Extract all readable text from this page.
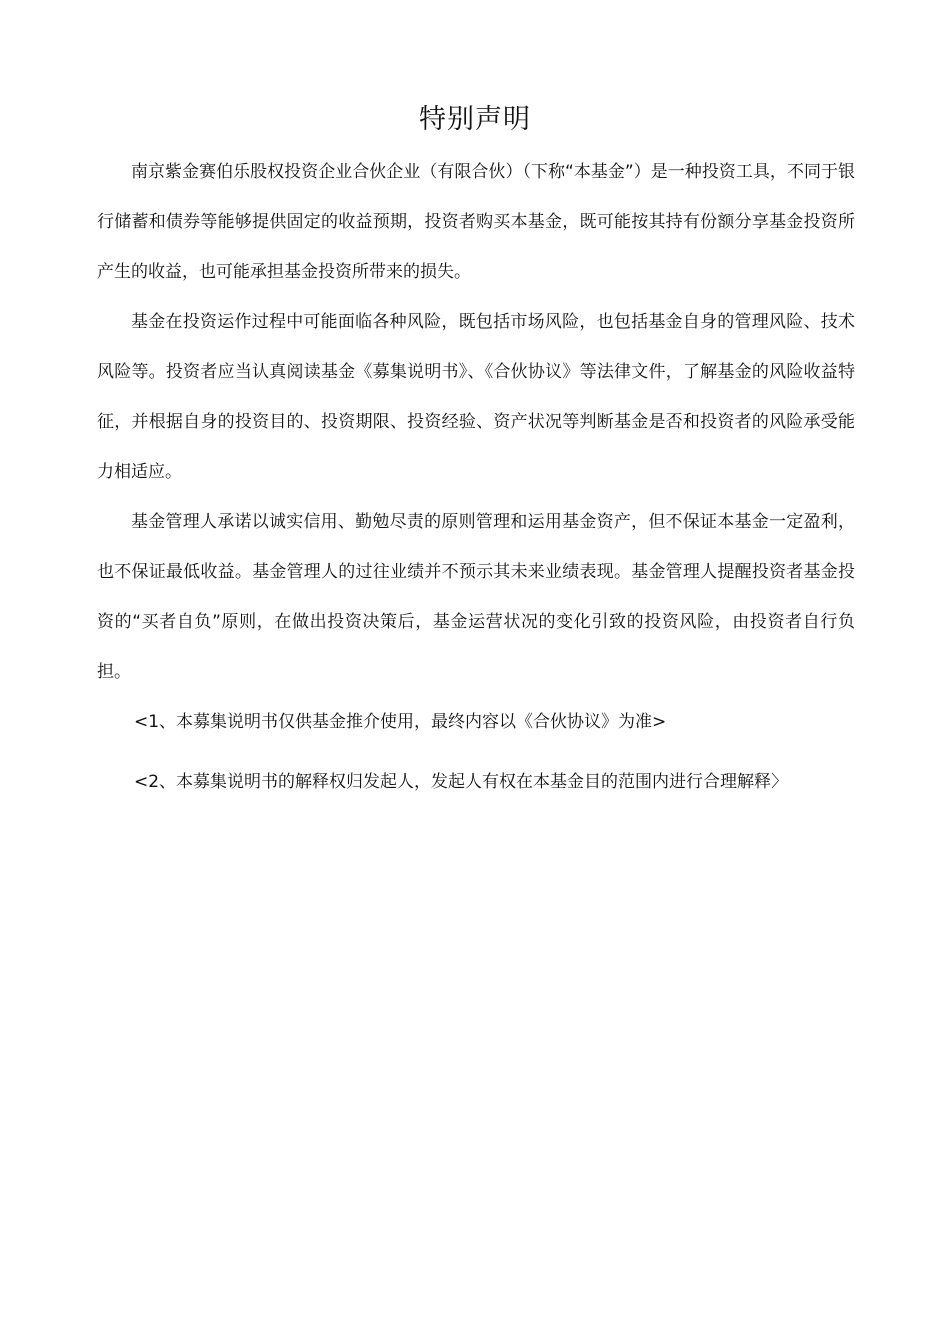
特别声明

南京紫金赛伯乐股权投资企业合伙企业（有限合伙）（下称“本基金”）是一种投资工具，不同于银行储蓄和债券等能够提供固定的收益预期，投资者购买本基金，既可能按其持有份额分享基金投资所产生的收益，也可能承担基金投资所带来的损失。

基金在投资运作过程中可能面临各种风险，既包括市场风险，也包括基金自身的管理风险、技术风险等。投资者应当认真阅读基金《募集说明书》、《合伙协议》等法律文件，了解基金的风险收益特征，并根据自身的投资目的、投资期限、投资经验、资产状况等判断基金是否和投资者的风险承受能力相适应。

基金管理人承诺以诚实信用、勤勉尽责的原则管理和运用基金资产，但不保证本基金一定盈利，也不保证最低收益。基金管理人的过往业绩并不预示其未来业绩表现。基金管理人提醒投资者基金投资的“买者自负”原则，在做出投资决策后，基金运营状况的变化引致的投资风险，由投资者自行负担。

<1、本募集说明书仅供基金推介使用，最终内容以《合伙协议》为准>

<2、本募集说明书的解释权归发起人，发起人有权在本基金目的范围内进行合理解释〉
